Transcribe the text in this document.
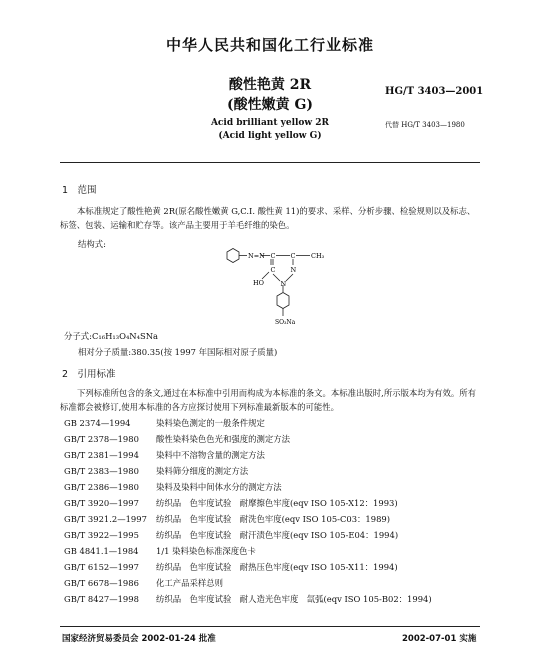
中华人民共和国化工行业标准
酸性艳黄 2R
(酸性嫩黄 G)
HG/T 3403—2001
Acid brilliant yellow 2R
(Acid light yellow G)
代替 HG/T 3403—1980
1　范围
本标准规定了酸性艳黄 2R(原名酸性嫩黄 G,C.I. 酸性黄 11)的要求、采样、分析步骤、检验规则以及标志、标签、包装、运输和贮存等。该产品主要用于羊毛纤维的染色。
结构式:
N=N C C CH₃
C N
N
HO
SO₃Na
分子式:C₁₆H₁₃O₄N₄SNa
相对分子质量:380.35(按 1997 年国际相对原子质量)
2　引用标准
下列标准所包含的条文,通过在本标准中引用而构成为本标准的条文。本标准出版时,所示版本均为有效。所有标准都会被修订,使用本标准的各方应探讨使用下列标准最新版本的可能性。
GB 2374—1994	染料染色测定的一般条件规定
GB/T 2378—1980 酸性染料染色色光和强度的测定方法
GB/T 2381—1994 染料中不溶物含量的测定方法
GB/T 2383—1980 染料筛分细度的测定方法
GB/T 2386—1980 染料及染料中间体水分的测定方法
GB/T 3920—1997 纺织品　色牢度试验　耐摩擦色牢度(eqv ISO 105-X12：1993)
GB/T 3921.2—1997 纺织品　色牢度试验　耐洗色牢度(eqv ISO 105-C03：1989)
GB/T 3922—1995 纺织品　色牢度试验　耐汗渍色牢度(eqv ISO 105-E04：1994)
GB 4841.1—1984 1/1 染料染色标准深度色卡
GB/T 6152—1997 纺织品　色牢度试验　耐热压色牢度(eqv ISO 105-X11：1994)
GB/T 6678—1986 化工产品采样总则
GB/T 8427—1998 纺织品　色牢度试验　耐人造光色牢度　氙弧(eqv ISO 105-B02：1994)
国家经济贸易委员会 2002-01-24 批准	2002-07-01 实施
